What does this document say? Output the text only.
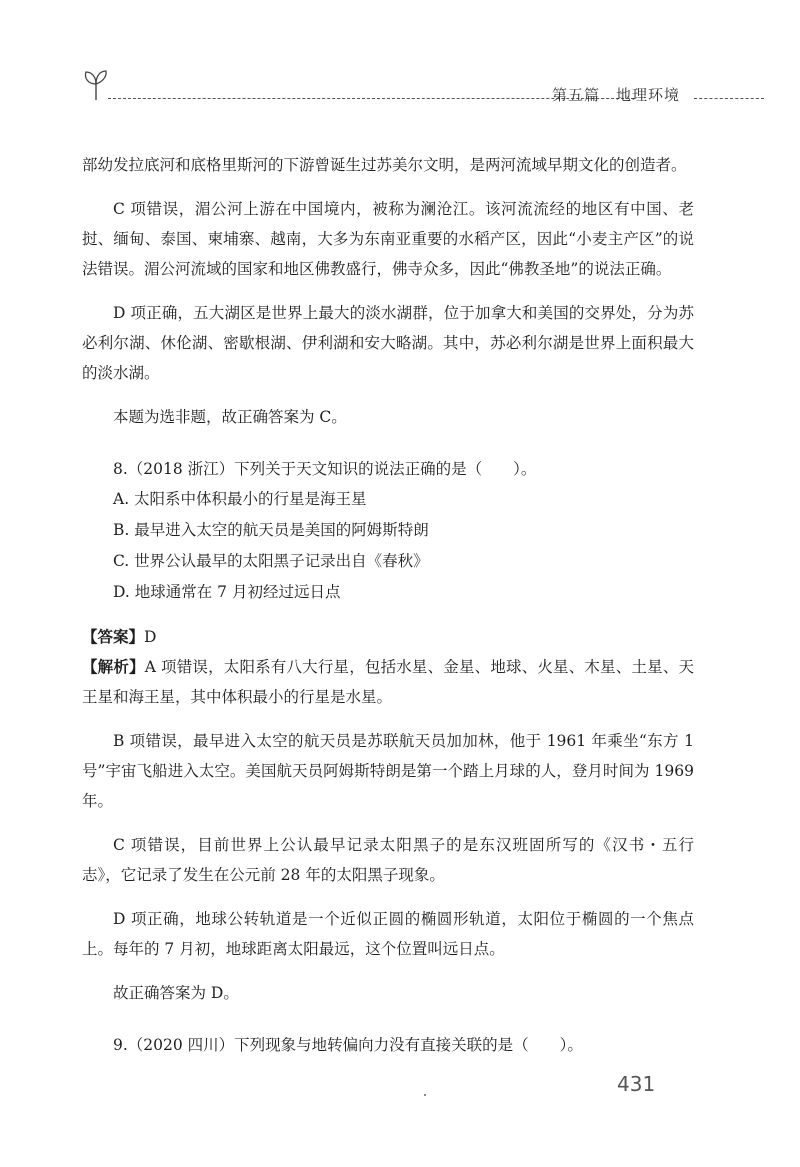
第五篇　地理环境

部幼发拉底河和底格里斯河的下游曾诞生过苏美尔文明，是两河流域早期文化的创造者。

C 项错误，湄公河上游在中国境内，被称为澜沧江。该河流流经的地区有中国、老挝、缅甸、泰国、柬埔寨、越南，大多为东南亚重要的水稻产区，因此“小麦主产区”的说法错误。湄公河流域的国家和地区佛教盛行，佛寺众多，因此“佛教圣地”的说法正确。

D 项正确，五大湖区是世界上最大的淡水湖群，位于加拿大和美国的交界处，分为苏必利尔湖、休伦湖、密歇根湖、伊利湖和安大略湖。其中，苏必利尔湖是世界上面积最大的淡水湖。

本题为选非题，故正确答案为 C。

8.（2018 浙江）下列关于天文知识的说法正确的是（　　）。

A. 太阳系中体积最小的行星是海王星

B. 最早进入太空的航天员是美国的阿姆斯特朗

C. 世界公认最早的太阳黑子记录出自《春秋》

D. 地球通常在 7 月初经过远日点

【答案】D

【解析】A 项错误，太阳系有八大行星，包括水星、金星、地球、火星、木星、土星、天王星和海王星，其中体积最小的行星是水星。

B 项错误，最早进入太空的航天员是苏联航天员加加林，他于 1961 年乘坐“东方 1 号”宇宙飞船进入太空。美国航天员阿姆斯特朗是第一个踏上月球的人，登月时间为 1969 年。

C 项错误，目前世界上公认最早记录太阳黑子的是东汉班固所写的《汉书・五行志》，它记录了发生在公元前 28 年的太阳黑子现象。

D 项正确，地球公转轨道是一个近似正圆的椭圆形轨道，太阳位于椭圆的一个焦点上。每年的 7 月初，地球距离太阳最远，这个位置叫远日点。

故正确答案为 D。

9.（2020 四川）下列现象与地转偏向力没有直接关联的是（　　）。

431
